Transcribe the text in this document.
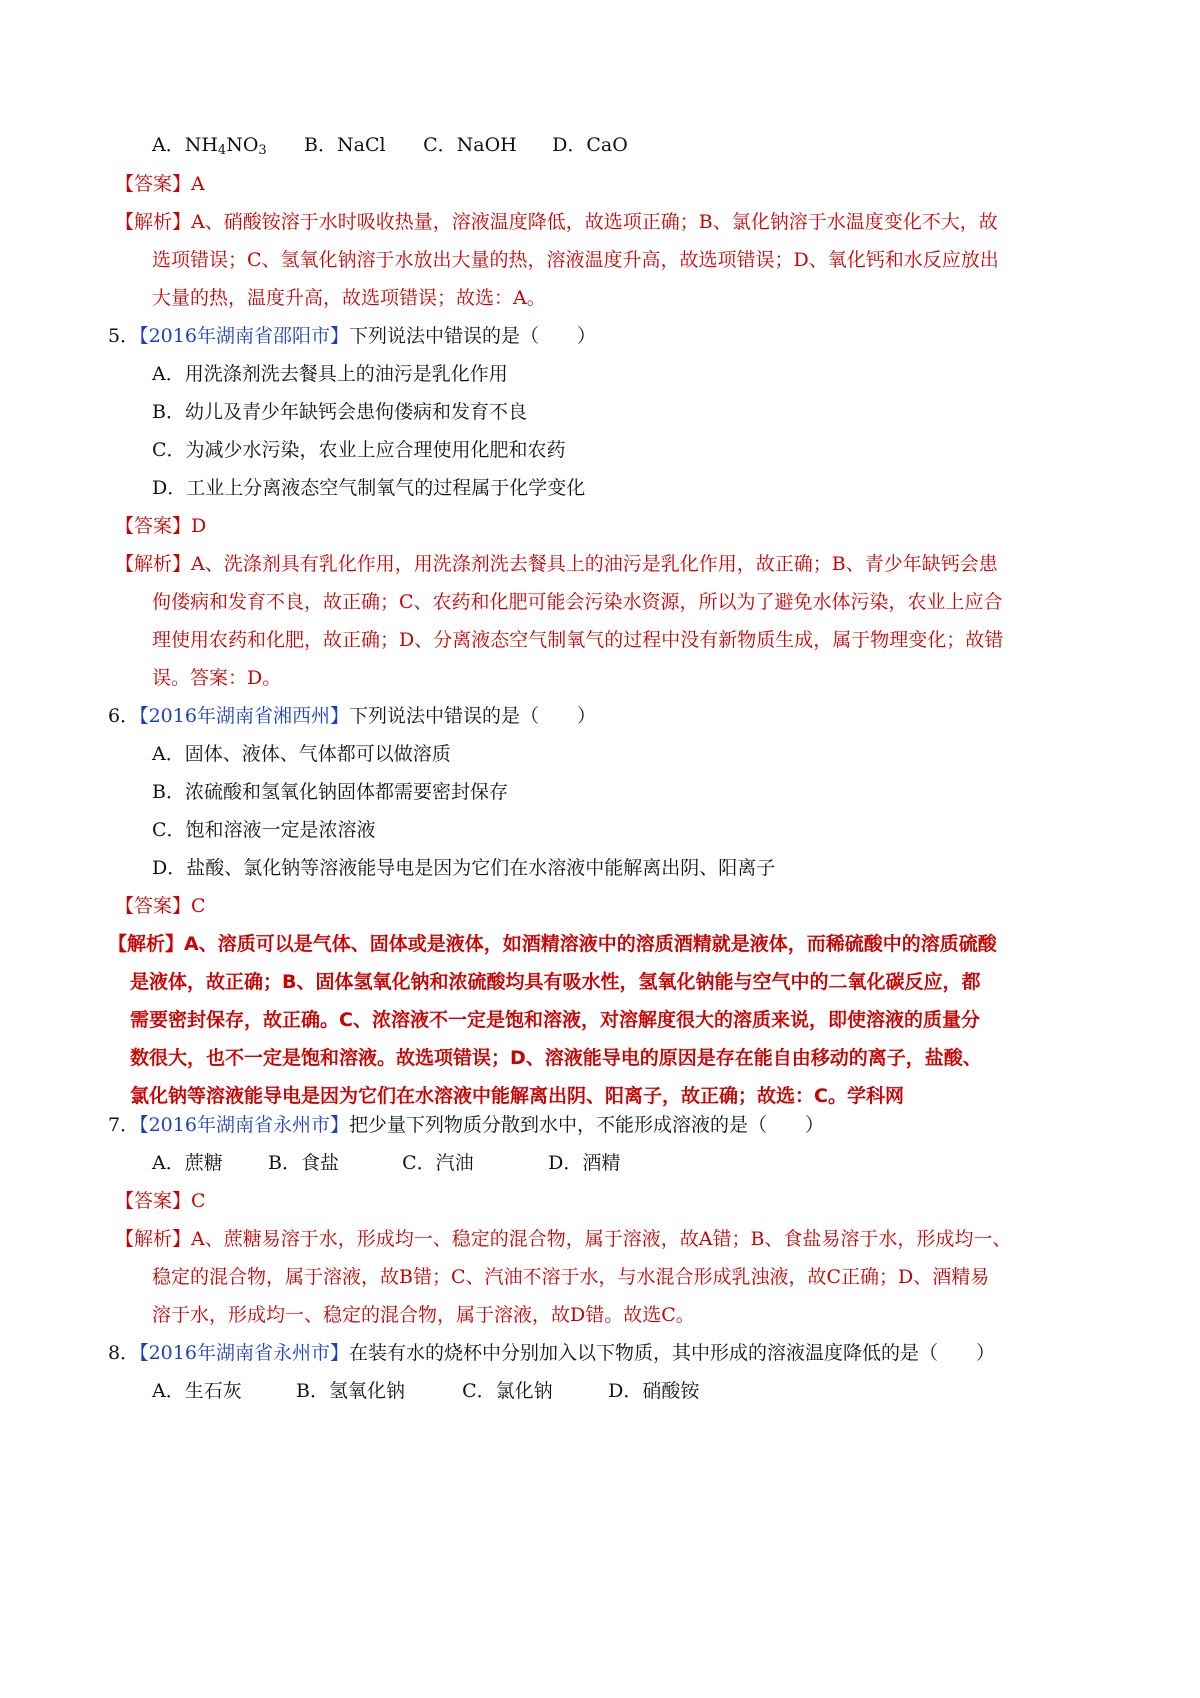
A．$NH_4NO_3$ B．NaCl C．NaOH D．CaO
【答案】A
【解析】A、硝酸铵溶于水时吸收热量，溶液温度降低，故选项正确；B、氯化钠溶于水温度变化不大，故
选项错误；C、氢氧化钠溶于水放出大量的热，溶液温度升高，故选项错误；D、氧化钙和水反应放出
大量的热，温度升高，故选项错误；故选：A。
5．【2016年湖南省邵阳市】下列说法中错误的是（　　）
A．用洗涤剂洗去餐具上的油污是乳化作用
B．幼儿及青少年缺钙会患佝偻病和发育不良
C．为减少水污染，农业上应合理使用化肥和农药
D．工业上分离液态空气制氧气的过程属于化学变化
【答案】D
【解析】A、洗涤剂具有乳化作用，用洗涤剂洗去餐具上的油污是乳化作用，故正确；B、青少年缺钙会患
佝偻病和发育不良，故正确；C、农药和化肥可能会污染水资源，所以为了避免水体污染，农业上应合
理使用农药和化肥，故正确；D、分离液态空气制氧气的过程中没有新物质生成，属于物理变化；故错
误。答案：D。
6．【2016年湖南省湘西州】下列说法中错误的是（　　）
A．固体、液体、气体都可以做溶质
B．浓硫酸和氢氧化钠固体都需要密封保存
C．饱和溶液一定是浓溶液
D．盐酸、氯化钠等溶液能导电是因为它们在水溶液中能解离出阴、阳离子
【答案】C
【解析】A、溶质可以是气体、固体或是液体，如酒精溶液中的溶质酒精就是液体，而稀硫酸中的溶质硫酸
是液体，故正确；B、固体氢氧化钠和浓硫酸均具有吸水性，氢氧化钠能与空气中的二氧化碳反应，都
需要密封保存，故正确。C、浓溶液不一定是饱和溶液，对溶解度很大的溶质来说，即使溶液的质量分
数很大，也不一定是饱和溶液。故选项错误；D、溶液能导电的原因是存在能自由移动的离子，盐酸、
氯化钠等溶液能导电是因为它们在水溶液中能解离出阴、阳离子，故正确；故选：C。学科网
7．【2016年湖南省永州市】把少量下列物质分散到水中，不能形成溶液的是（　　）
A．蔗糖 B．食盐	C．汽油	D．酒精
【答案】C
【解析】A、蔗糖易溶于水，形成均一、稳定的混合物，属于溶液，故A错；B、食盐易溶于水，形成均一、
稳定的混合物，属于溶液，故B错；C、汽油不溶于水，与水混合形成乳浊液，故C正确；D、酒精易
溶于水，形成均一、稳定的混合物，属于溶液，故D错。故选C。
8．【2016年湖南省永州市】在装有水的烧杯中分别加入以下物质，其中形成的溶液温度降低的是（　　）
A．生石灰	B．氢氧化钠	C．氯化钠	D．硝酸铵
